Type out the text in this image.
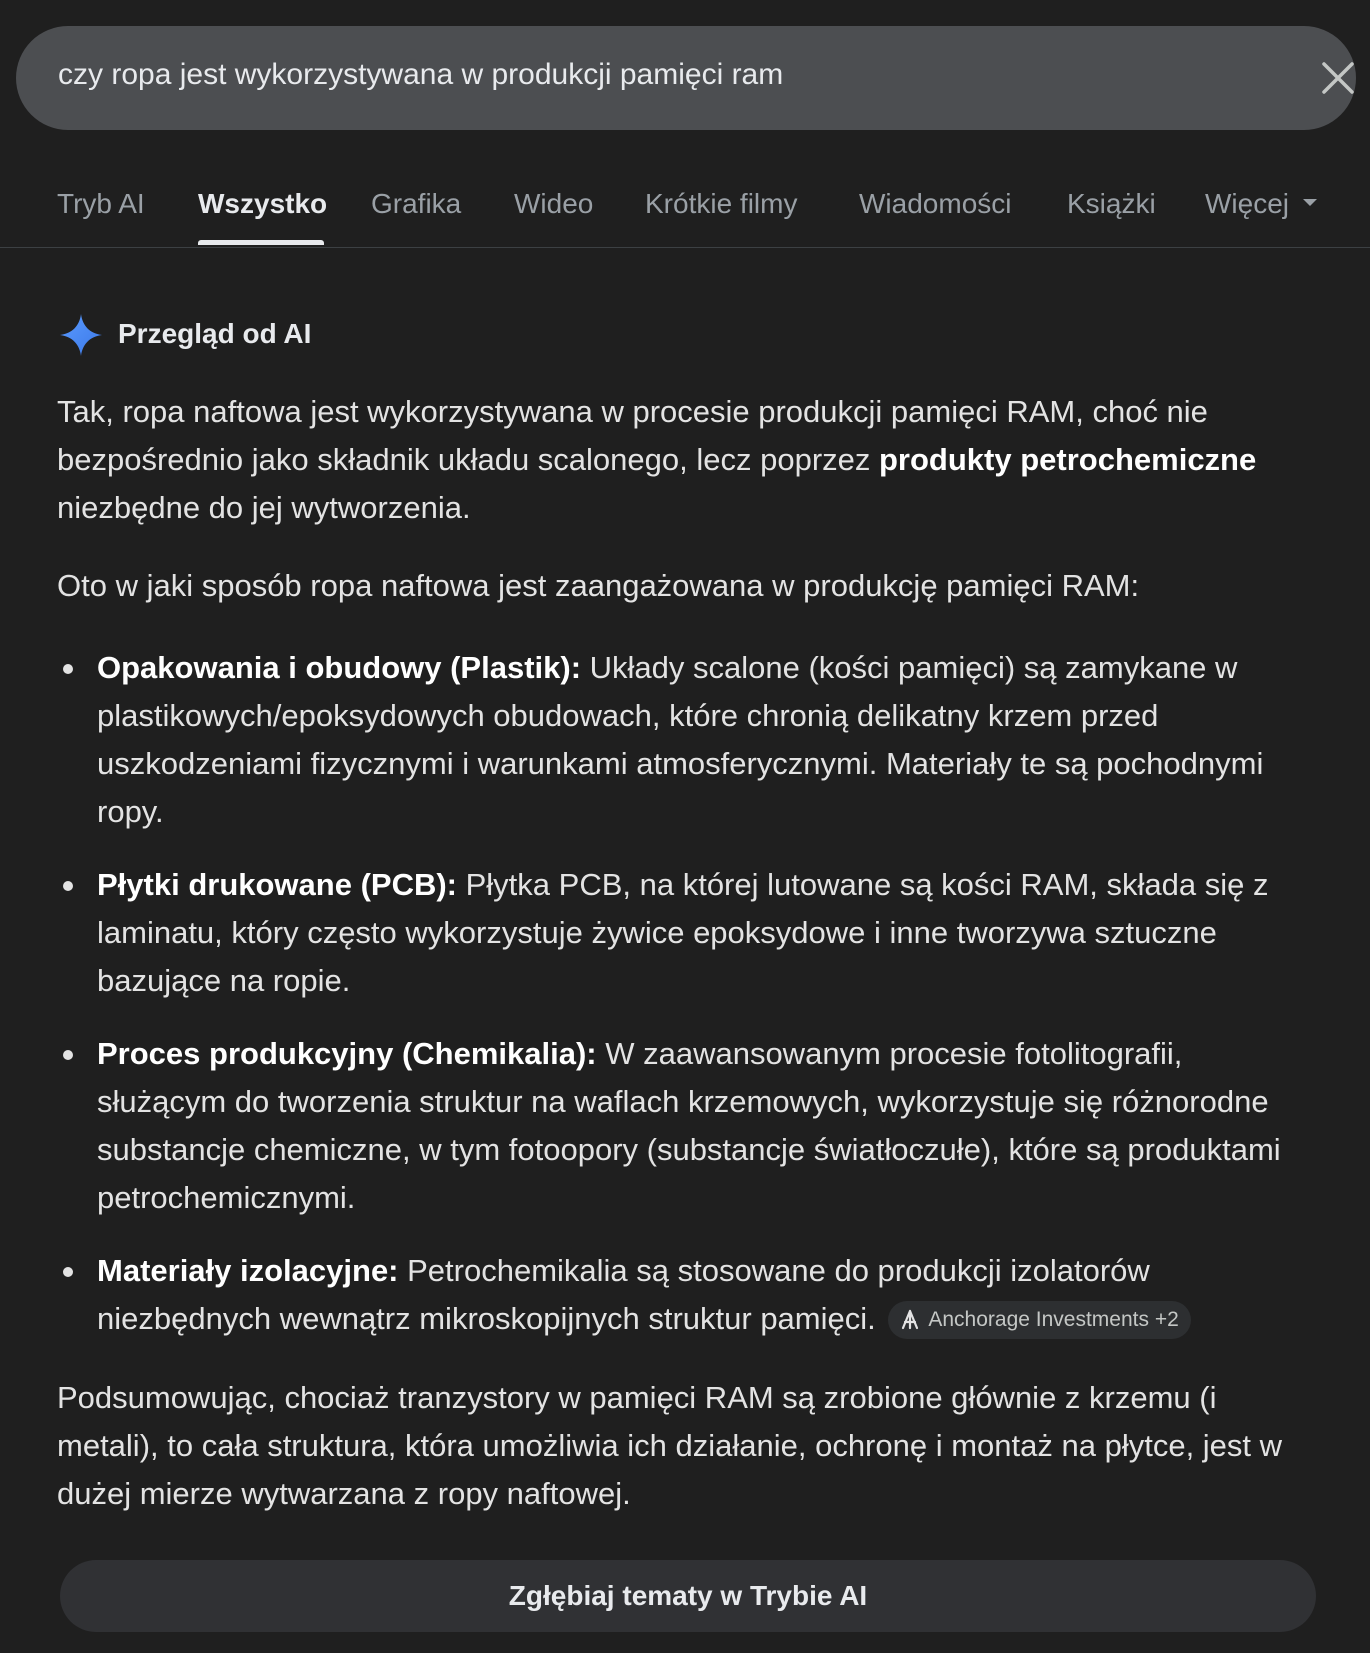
czy ropa jest wykorzystywana w produkcji pamięci ram
Tryb AI Wszystko Grafika Wideo Krótkie filmy Wiadomości Książki Więcej
Przegląd od AI

Tak, ropa naftowa jest wykorzystywana w procesie produkcji pamięci RAM, choć nie bezpośrednio jako składnik układu scalonego, lecz poprzez produkty petrochemiczne niezbędne do jej wytworzenia.

Oto w jaki sposób ropa naftowa jest zaangażowana w produkcję pamięci RAM:

Opakowania i obudowy (Plastik): Układy scalone (kości pamięci) są zamykane w plastikowych/epoksydowych obudowach, które chronią delikatny krzem przed uszkodzeniami fizycznymi i warunkami atmosferycznymi. Materiały te są pochodnymi ropy.
Płytki drukowane (PCB): Płytka PCB, na której lutowane są kości RAM, składa się z laminatu, który często wykorzystuje żywice epoksydowe i inne tworzywa sztuczne bazujące na ropie.
Proces produkcyjny (Chemikalia): W zaawansowanym procesie fotolitografii, służącym do tworzenia struktur na waflach krzemowych, wykorzystuje się różnorodne substancje chemiczne, w tym fotoopory (substancje światłoczułe), które są produktami petrochemicznymi.
Materiały izolacyjne: Petrochemikalia są stosowane do produkcji izolatorów niezbędnych wewnątrz mikroskopijnych struktur pamięci.
Anchorage Investments +2

Podsumowując, chociaż tranzystory w pamięci RAM są zrobione głównie z krzemu (i metali), to cała struktura, która umożliwia ich działanie, ochronę i montaż na płytce, jest w dużej mierze wytwarzana z ropy naftowej.

Zgłębiaj tematy w Trybie AI
